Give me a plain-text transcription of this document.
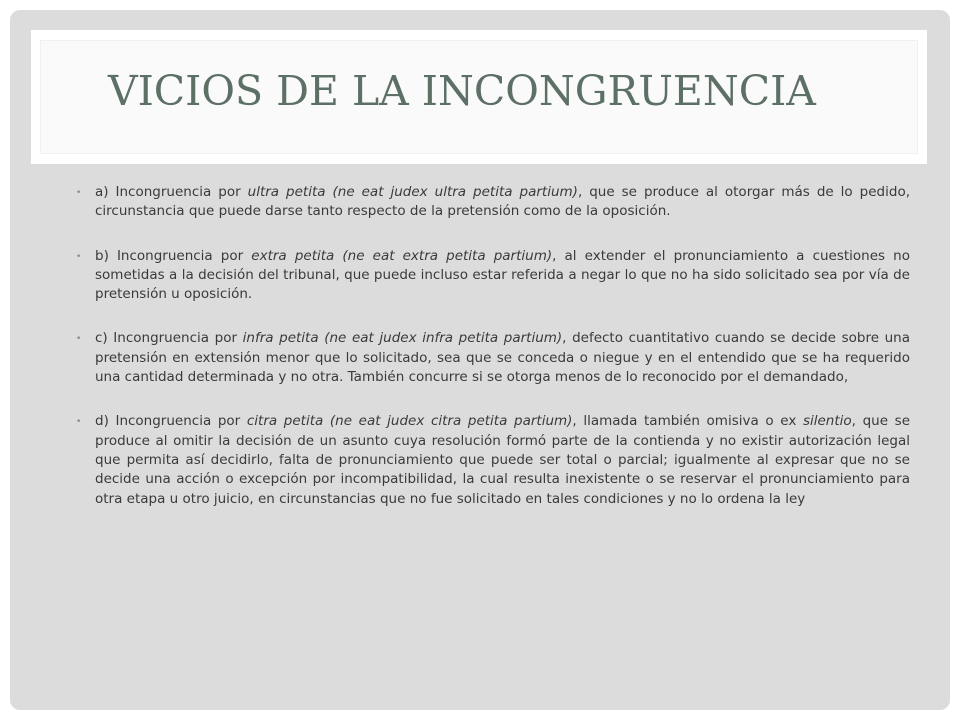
VICIOS DE LA INCONGRUENCIA
• a) Incongruencia por ultra petita (ne eat judex ultra petita partium), que se produce al otorgar más de lo pedido, circunstancia que puede darse tanto respecto de la pretensión como de la oposición.
• b) Incongruencia por extra petita (ne eat extra petita partium), al extender el pronunciamiento a cuestiones no sometidas a la decisión del tribunal, que puede incluso estar referida a negar lo que no ha sido solicitado sea por vía de pretensión u oposición.
• c) Incongruencia por infra petita (ne eat judex infra petita partium), defecto cuantitativo cuando se decide sobre una pretensión en extensión menor que lo solicitado, sea que se conceda o niegue y en el entendido que se ha requerido una cantidad determinada y no otra. También concurre si se otorga menos de lo reconocido por el demandado,
• d) Incongruencia por citra petita (ne eat judex citra petita partium), llamada también omisiva o ex silentio, que se produce al omitir la decisión de un asunto cuya resolución formó parte de la contienda y no existir autorización legal que permita así decidirlo, falta de pronunciamiento que puede ser total o parcial; igualmente al expresar que no se decide una acción o excepción por incompatibilidad, la cual resulta inexistente o se reservar el pronunciamiento para otra etapa u otro juicio, en circunstancias que no fue solicitado en tales condiciones y no lo ordena la ley
